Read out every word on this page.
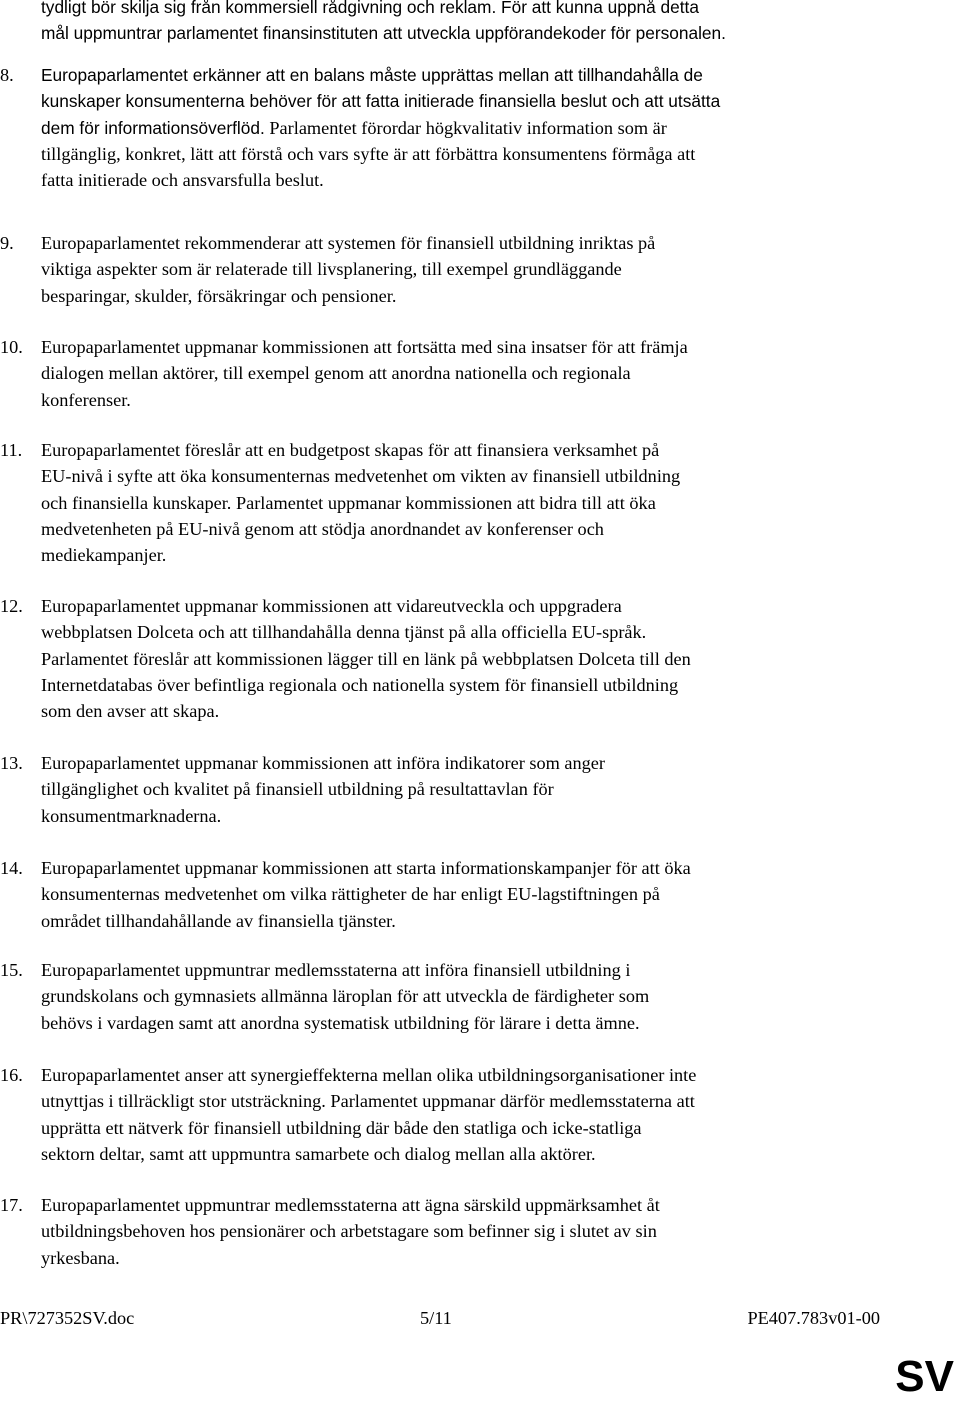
tydligt bör skilja sig från kommersiell rådgivning och reklam. För att kunna uppnå detta
mål uppmuntrar parlamentet finansinstituten att utveckla uppförandekoder för personalen.
8. Europaparlamentet erkänner att en balans måste upprättas mellan att tillhandahålla de
kunskaper konsumenterna behöver för att fatta initierade finansiella beslut och att utsätta
dem för informationsöverflöd. Parlamentet förordar högkvalitativ information som är
tillgänglig, konkret, lätt att förstå och vars syfte är att förbättra konsumentens förmåga att
fatta initierade och ansvarsfulla beslut.
9. Europaparlamentet rekommenderar att systemen för finansiell utbildning inriktas på
viktiga aspekter som är relaterade till livsplanering, till exempel grundläggande
besparingar, skulder, försäkringar och pensioner.
10. Europaparlamentet uppmanar kommissionen att fortsätta med sina insatser för att främja
dialogen mellan aktörer, till exempel genom att anordna nationella och regionala
konferenser.
11. Europaparlamentet föreslår att en budgetpost skapas för att finansiera verksamhet på
EU-nivå i syfte att öka konsumenternas medvetenhet om vikten av finansiell utbildning
och finansiella kunskaper. Parlamentet uppmanar kommissionen att bidra till att öka
medvetenheten på EU-nivå genom att stödja anordnandet av konferenser och
mediekampanjer.
12. Europaparlamentet uppmanar kommissionen att vidareutveckla och uppgradera
webbplatsen Dolceta och att tillhandahålla denna tjänst på alla officiella EU-språk.
Parlamentet föreslår att kommissionen lägger till en länk på webbplatsen Dolceta till den
Internetdatabas över befintliga regionala och nationella system för finansiell utbildning
som den avser att skapa.
13. Europaparlamentet uppmanar kommissionen att införa indikatorer som anger
tillgänglighet och kvalitet på finansiell utbildning på resultattavlan för
konsumentmarknaderna.
14. Europaparlamentet uppmanar kommissionen att starta informationskampanjer för att öka
konsumenternas medvetenhet om vilka rättigheter de har enligt EU-lagstiftningen på
området tillhandahållande av finansiella tjänster.
15. Europaparlamentet uppmuntrar medlemsstaterna att införa finansiell utbildning i
grundskolans och gymnasiets allmänna läroplan för att utveckla de färdigheter som
behövs i vardagen samt att anordna systematisk utbildning för lärare i detta ämne.
16. Europaparlamentet anser att synergieffekterna mellan olika utbildningsorganisationer inte
utnyttjas i tillräckligt stor utsträckning. Parlamentet uppmanar därför medlemsstaterna att
upprätta ett nätverk för finansiell utbildning där både den statliga och icke-statliga
sektorn deltar, samt att uppmuntra samarbete och dialog mellan alla aktörer.
17. Europaparlamentet uppmuntrar medlemsstaterna att ägna särskild uppmärksamhet åt
utbildningsbehoven hos pensionärer och arbetstagare som befinner sig i slutet av sin
yrkesbana.
PR\727352SV.doc	5/11	PE407.783v01-00
SV
